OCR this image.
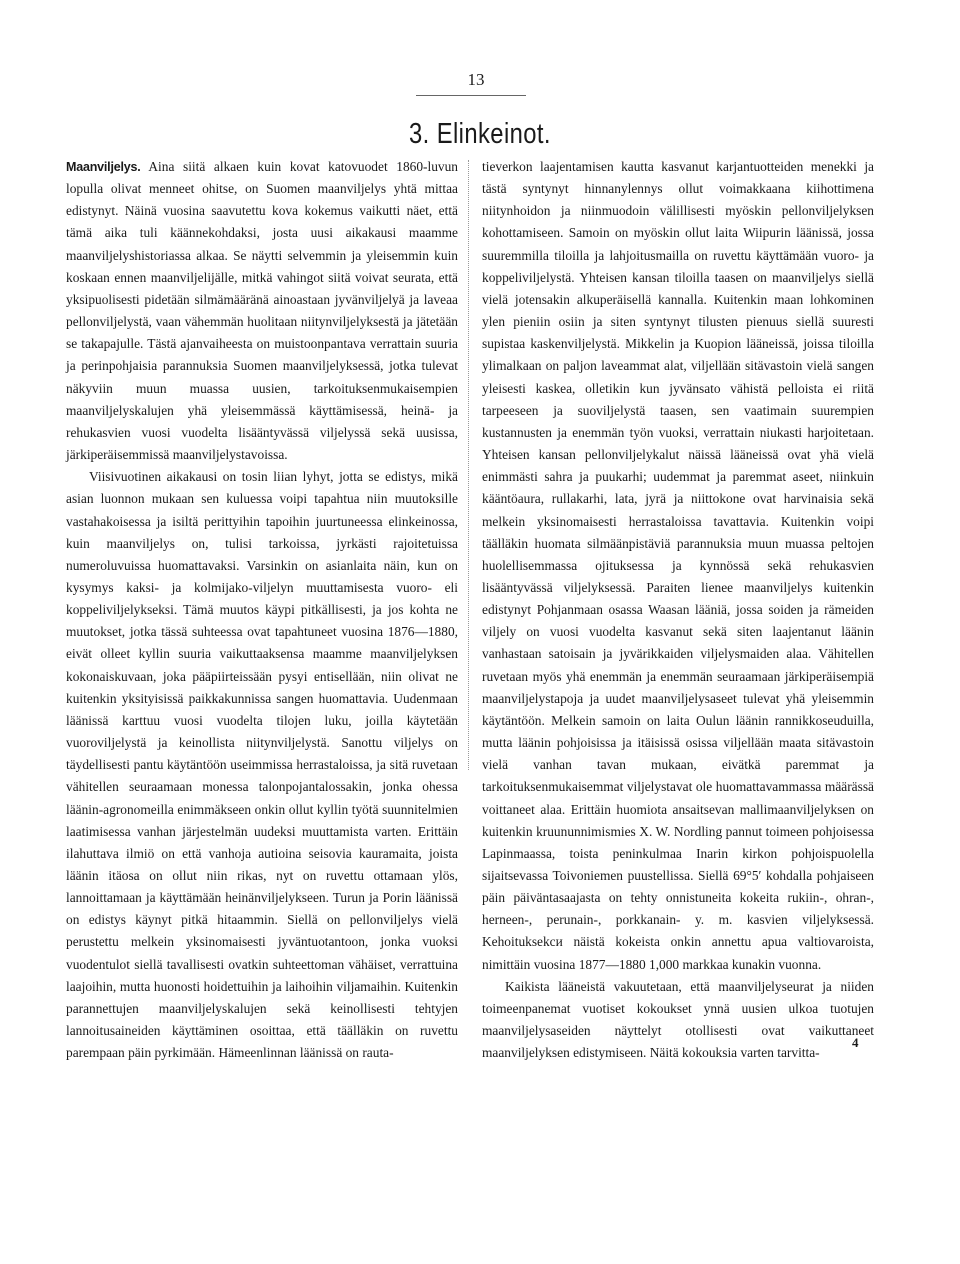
13
3. Elinkeinot.

Maanviljelys. Aina siitä alkaen kuin kovat katovuodet 1860-luvun lopulla olivat menneet ohitse, on Suomen maanviljelys yhtä mittaa edistynyt. Näinä vuosina saavutettu kova kokemus vaikutti näet, että tämä aika tuli käännekohdaksi, josta uusi aikakausi maamme maanviljelyshistoriassa alkaa. Se näytti selvemmin ja yleisemmin kuin koskaan ennen maanviljelijälle, mitkä vahingot siitä voivat seurata, että yksipuolisesti pidetään silmämääränä ainoastaan jyvänviljelyä ja laveaa pellonviljelystä, vaan vähemmän huolitaan niitynviljelyksestä ja jätetään se takapajulle. Tästä ajanvaiheesta on muistoonpantava verrattain suuria ja perinpohjaisia parannuksia Suomen maanviljelyksessä, jotka tulevat näkyviin muun muassa uusien, tarkoituksenmukaisempien maanviljelyskalujen yhä yleisemmässä käyttämisessä, heinä- ja rehukasvien vuosi vuodelta lisääntyvässä viljelyssä sekä uusissa, järkiperäisemmissä maanviljelystavoissa.

Viisivuotinen aikakausi on tosin liian lyhyt, jotta se edistys, mikä asian luonnon mukaan sen kuluessa voipi tapahtua niin muutoksille vastahakoisessa ja isiltä perittyihin tapoihin juurtuneessa elinkeinossa, kuin maanviljelys on, tulisi tarkoissa, jyrkästi rajoitetuissa numeroluvuissa huomattavaksi. Varsinkin on asianlaita näin, kun on kysymys kaksi- ja kolmijako-viljelyn muuttamisesta vuoro- eli koppeliviljelykseksi. Tämä muutos käypi pitkällisesti, ja jos kohta ne muutokset, jotka tässä suhteessa ovat tapahtuneet vuosina 1876—1880, eivät olleet kyllin suuria vaikuttaaksensa maamme maanviljelyksen kokonaiskuvaan, joka pääpiirteissään pysyi entisellään, niin olivat ne kuitenkin yksityisissä paikkakunnissa sangen huomattavia. Uudenmaan läänissä karttuu vuosi vuodelta tilojen luku, joilla käytetään vuoroviljelystä ja keinollista niitynviljelystä. Sanottu viljelys on täydellisesti pantu käytäntöön useimmissa herrastaloissa, ja sitä ruvetaan vähitellen seuraamaan monessa talonpojantalossakin, jonka ohessa läänin-agronomeilla enimmäkseen onkin ollut kyllin työtä suunnitelmien laatimisessa vanhan järjestelmän uudeksi muuttamista varten. Erittäin ilahuttava ilmiö on että vanhoja autioina seisovia kauramaita, joista läänin itäosa on ollut niin rikas, nyt on ruvettu ottamaan ylös, lannoittamaan ja käyttämään heinänviljelykseen. Turun ja Porin läänissä on edistys käynyt pitkä hitaammin. Siellä on pellonviljelys vielä perustettu melkein yksinomaisesti jyväntuotantoon, jonka vuoksi vuodentulot siellä tavallisesti ovatkin suhteettoman vähäiset, verrattuina laajoihin, mutta huonosti hoidettuihin ja laihoihin viljamaihin. Kuitenkin parannettujen maanviljelyskalujen sekä keinollisesti tehtyjen lannoitusaineiden käyttäminen osoittaa, että täälläkin on ruvettu parempaan päin pyrkimään. Hämeenlinnan läänissä on rauta-

tieverkon laajentamisen kautta kasvanut karjantuotteiden menekki ja tästä syntynyt hinnanylennys ollut voimakkaana kiihottimena niitynhoidon ja niinmuodoin välillisesti myöskin pellonviljelyksen kohottamiseen. Samoin on myöskin ollut laita Wiipurin läänissä, jossa suuremmilla tiloilla ja lahjoitusmailla on ruvettu käyttämään vuoro- ja koppeliviljelystä. Yhteisen kansan tiloilla taasen on maanviljelys siellä vielä jotensakin alkuperäisellä kannalla. Kuitenkin maan lohkominen ylen pieniin osiin ja siten syntynyt tilusten pienuus siellä suuresti supistaa kaskenviljelystä. Mikkelin ja Kuopion lääneissä, joissa tiloilla ylimalkaan on paljon laveammat alat, viljellään sitävastoin vielä sangen yleisesti kaskea, olletikin kun jyvänsato vähistä pelloista ei riitä tarpeeseen ja suoviljelystä taasen, sen vaatimain suurempien kustannusten ja enemmän työn vuoksi, verrattain niukasti harjoitetaan. Yhteisen kansan pellonviljelykalut näissä lääneissä ovat yhä vielä enimmästi sahra ja puukarhi; uudemmat ja paremmat aseet, niinkuin kääntöaura, rullakarhi, lata, jyrä ja niittokone ovat harvinaisia sekä melkein yksinomaisesti herrastaloissa tavattavia. Kuitenkin voipi täälläkin huomata silmäänpistäviä parannuksia muun muassa peltojen huolellisemmassa ojituksessa ja kynnössä sekä rehukasvien lisääntyvässä viljelyksessä. Paraiten lienee maanviljelys kuitenkin edistynyt Pohjanmaan osassa Waasan lääniä, jossa soiden ja rämeiden viljely on vuosi vuodelta kasvanut sekä siten laajentanut läänin vanhastaan satoisain ja jyvärikkaiden viljelysmaiden alaa. Vähitellen ruvetaan myös yhä enemmän ja enemmän seuraamaan järkiperäisempiä maanviljelystapoja ja uudet maanviljelysaseet tulevat yhä yleisemmin käytäntöön. Melkein samoin on laita Oulun läänin rannikkoseuduilla, mutta läänin pohjoisissa ja itäisissä osissa viljellään maata sitävastoin vielä vanhan tavan mukaan, eivätkä paremmat ja tarkoituksenmukaisemmat viljelystavat ole huomattavammassa määrässä voittaneet alaa. Erittäin huomiota ansaitsevan mallimaanviljelyksen on kuitenkin kruununnimismies X. W. Nordling pannut toimeen pohjoisessa Lapinmaassa, toista peninkulmaa Inarin kirkon pohjoispuolella sijaitsevassa Toivoniemen puustellissa. Siellä 69°5′ kohdalla pohjaiseen päin päiväntasaajasta on tehty onnistuneita kokeita rukiin-, ohran-, herneen-, perunain-, porkkanain- y. m. kasvien viljelyksessä. Kehoituksekси näistä kokeista onkin annettu apua valtiovaroista, nimittäin vuosina 1877—1880 1,000 markkaa kunakin vuonna.

Kaikista lääneistä vakuutetaan, että maanviljelyseurat ja niiden toimeenpanemat vuotiset kokoukset ynnä uusien ulkoa tuotujen maanviljelysaseiden näyttelyt otollisesti ovat vaikuttaneet maanviljelyksen edistymiseen. Näitä kokouksia varten tarvitta-

4
